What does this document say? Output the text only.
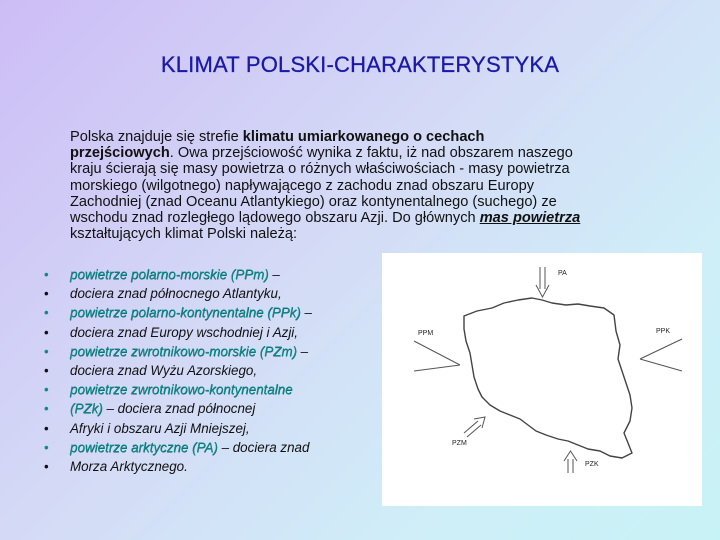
KLIMAT POLSKI-CHARAKTERYSTYKA
Polska znajduje się strefie klimatu umiarkowanego o cechach przejściowych. Owa przejściowość wynika z faktu, iż nad obszarem naszego kraju ścierają się masy powietrza o różnych właściwościach - masy powietrza morskiego (wilgotnego) napływającego z zachodu znad obszaru Europy Zachodniej (znad Oceanu Atlantykiego) oraz kontynentalnego (suchego) ze wschodu znad rozległego lądowego obszaru Azji. Do głównych mas powietrza kształtujących klimat Polski należą:
• powietrze polarno-morskie (PPm) –
• dociera znad północnego Atlantyku,
• powietrze polarno-kontynentalne (PPk) –
• dociera znad Europy wschodniej i Azji,
• powietrze zwrotnikowo-morskie (PZm) –
• dociera znad Wyżu Azorskiego,
• powietrze zwrotnikowo-kontynentalne
• (PZk) – dociera znad północnej
• Afryki i obszaru Azji Mniejszej,
• powietrze arktyczne (PA) – dociera znad
• Morza Arktycznego.
PA
PPM	PPK
PZM
PZK
